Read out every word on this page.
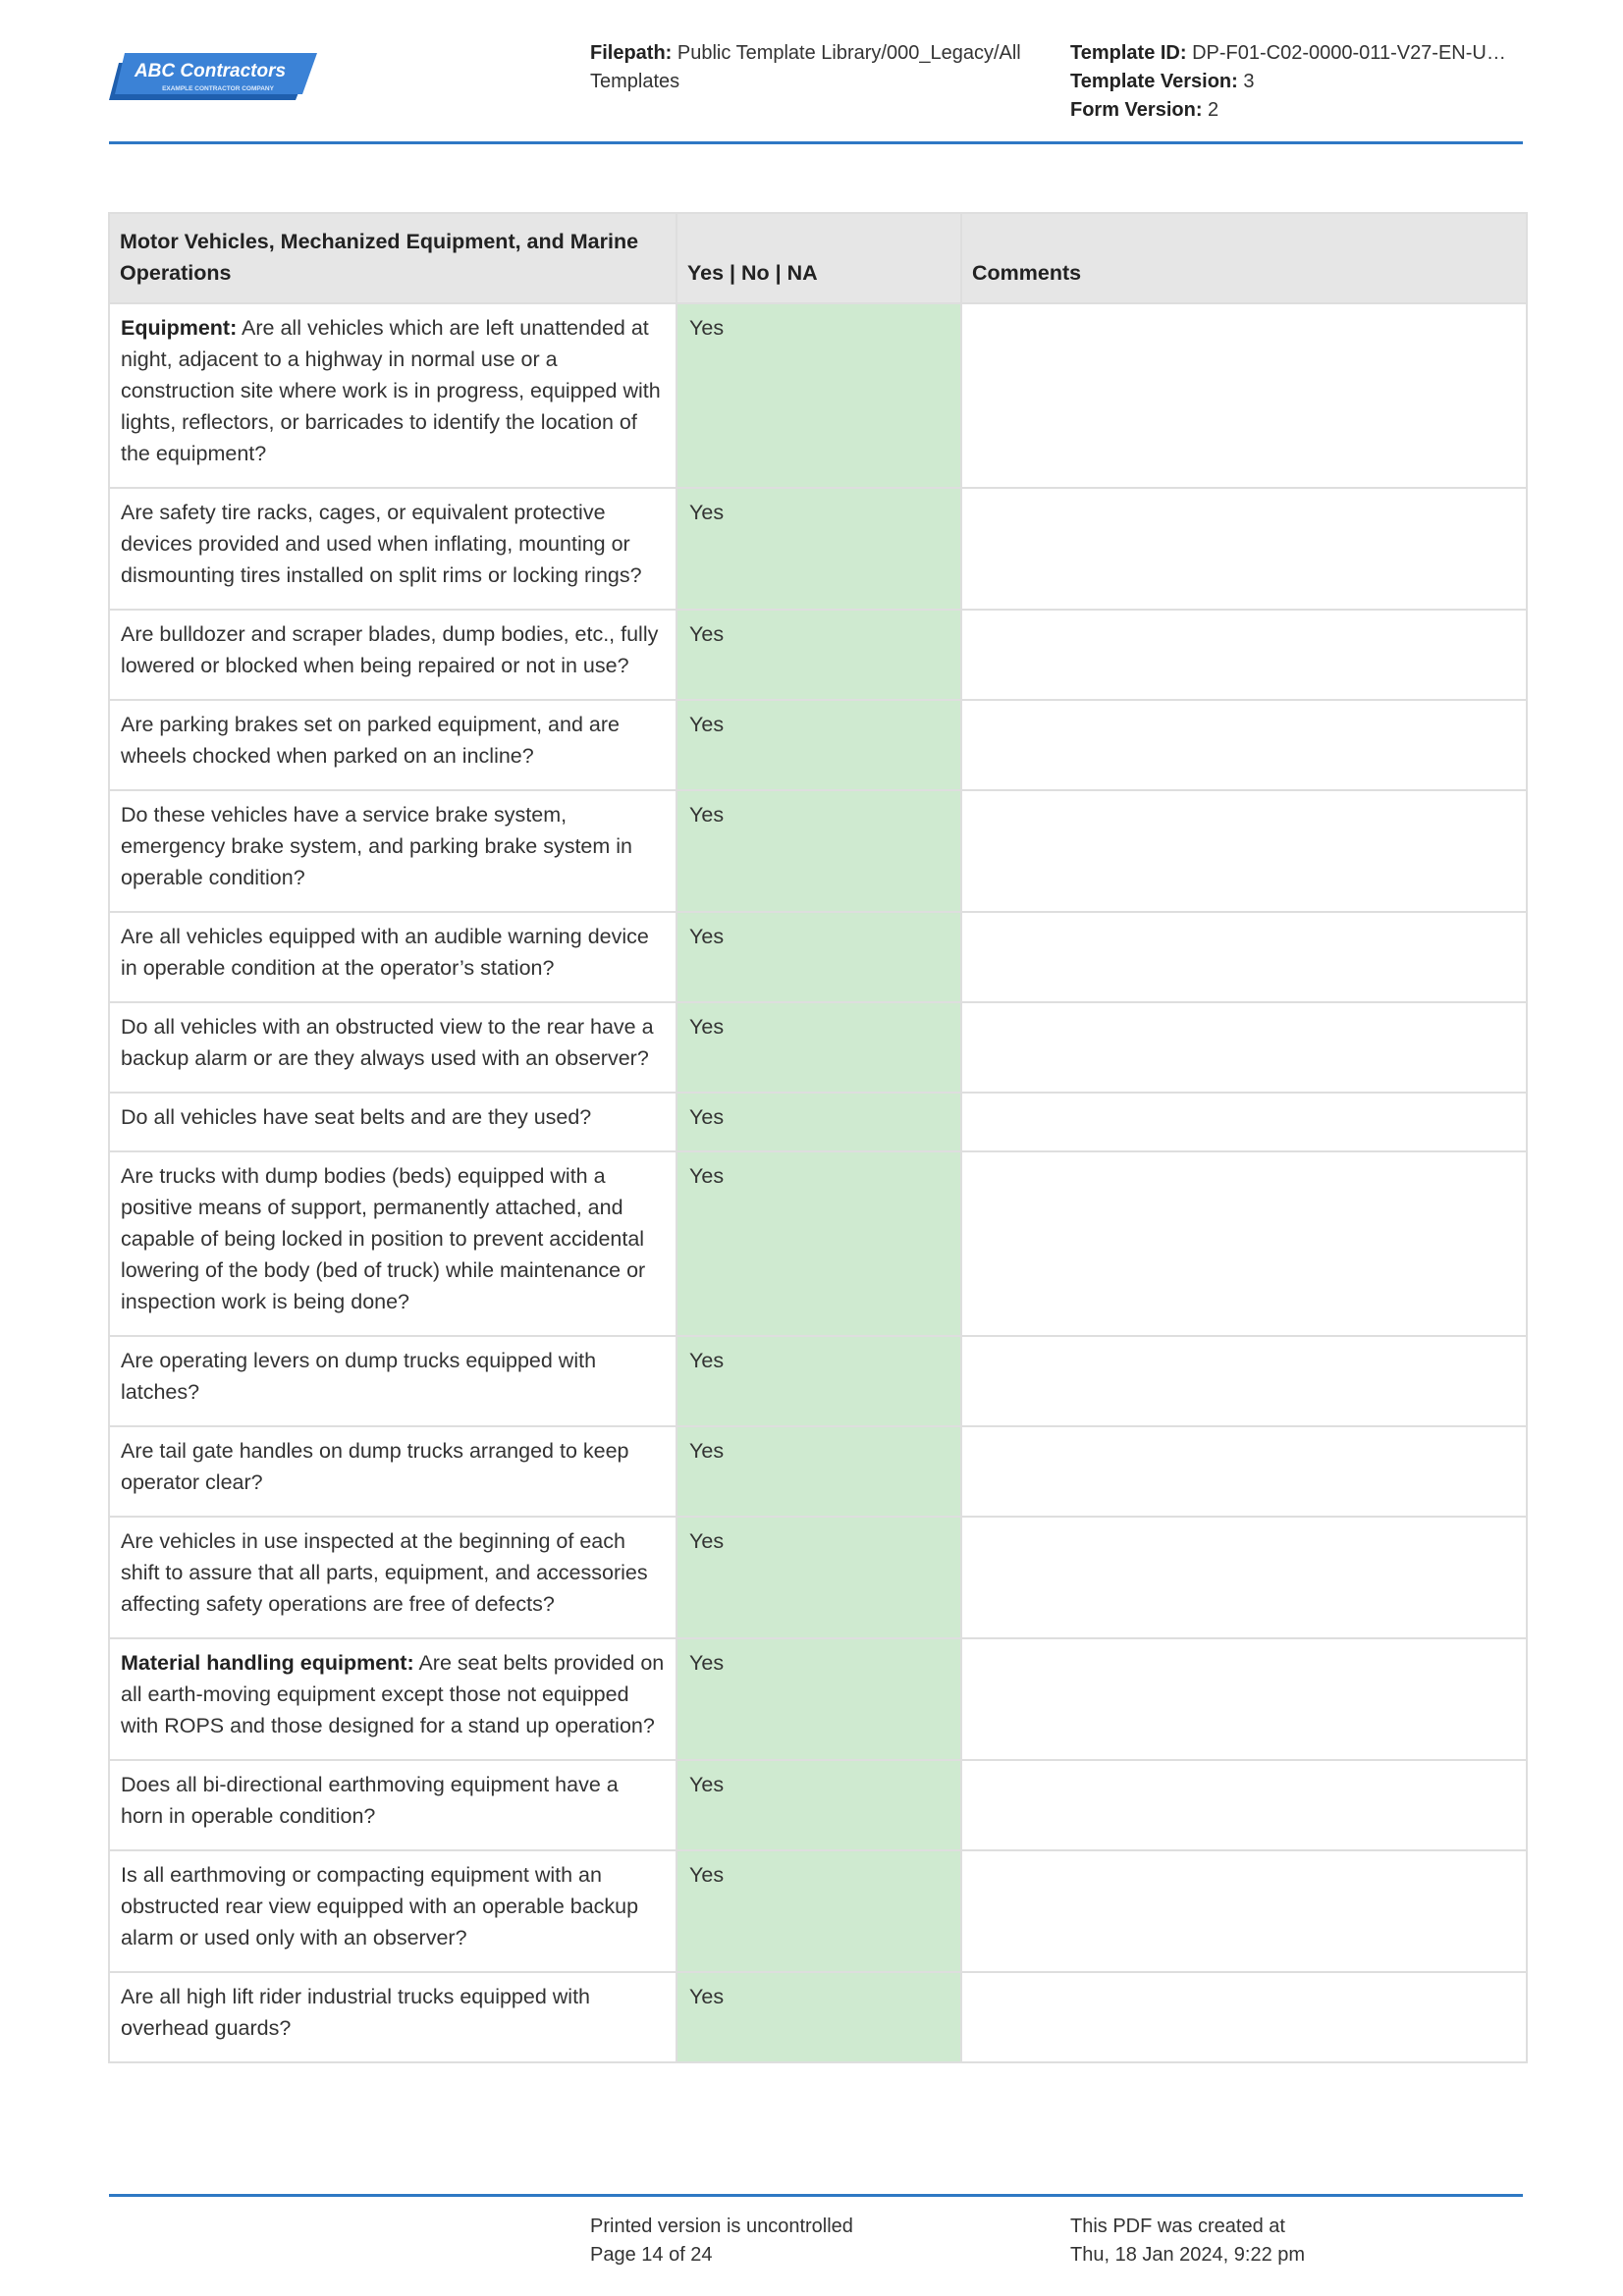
ABC Contractors
EXAMPLE CONTRACTOR COMPANY
Filepath: Public Template Library/000_Legacy/All Templates
Template ID: DP-F01-C02-0000-011-V27-EN-U…
Template Version: 3
Form Version: 2
Motor Vehicles, Mechanized Equipment, and Marine Operations	Yes | No | NA	Comments
Equipment: Are all vehicles which are left unattended at night, adjacent to a highway in normal use or a construction site where work is in progress, equipped with lights, reflectors, or barricades to identify the location of the equipment?	Yes	
Are safety tire racks, cages, or equivalent protective devices provided and used when inflating, mounting or dismounting tires installed on split rims or locking rings?	Yes	
Are bulldozer and scraper blades, dump bodies, etc., fully lowered or blocked when being repaired or not in use?	Yes	
Are parking brakes set on parked equipment, and are wheels chocked when parked on an incline?	Yes	
Do these vehicles have a service brake system, emergency brake system, and parking brake system in operable condition?	Yes	
Are all vehicles equipped with an audible warning device in operable condition at the operator’s station?	Yes	
Do all vehicles with an obstructed view to the rear have a backup alarm or are they always used with an observer?	Yes	
Do all vehicles have seat belts and are they used?	Yes	
Are trucks with dump bodies (beds) equipped with a positive means of support, permanently attached, and capable of being locked in position to prevent accidental lowering of the body (bed of truck) while maintenance or inspection work is being done?	Yes	
Are operating levers on dump trucks equipped with latches?	Yes	
Are tail gate handles on dump trucks arranged to keep operator clear?	Yes	
Are vehicles in use inspected at the beginning of each shift to assure that all parts, equipment, and accessories affecting safety operations are free of defects?	Yes	
Material handling equipment: Are seat belts provided on all earth-moving equipment except those not equipped with ROPS and those designed for a stand up operation?	Yes	
Does all bi-directional earthmoving equipment have a horn in operable condition?	Yes	
Is all earthmoving or compacting equipment with an obstructed rear view equipped with an operable backup alarm or used only with an observer?	Yes	
Are all high lift rider industrial trucks equipped with overhead guards?	Yes	
Printed version is uncontrolled
Page 14 of 24
This PDF was created at
Thu, 18 Jan 2024, 9:22 pm
